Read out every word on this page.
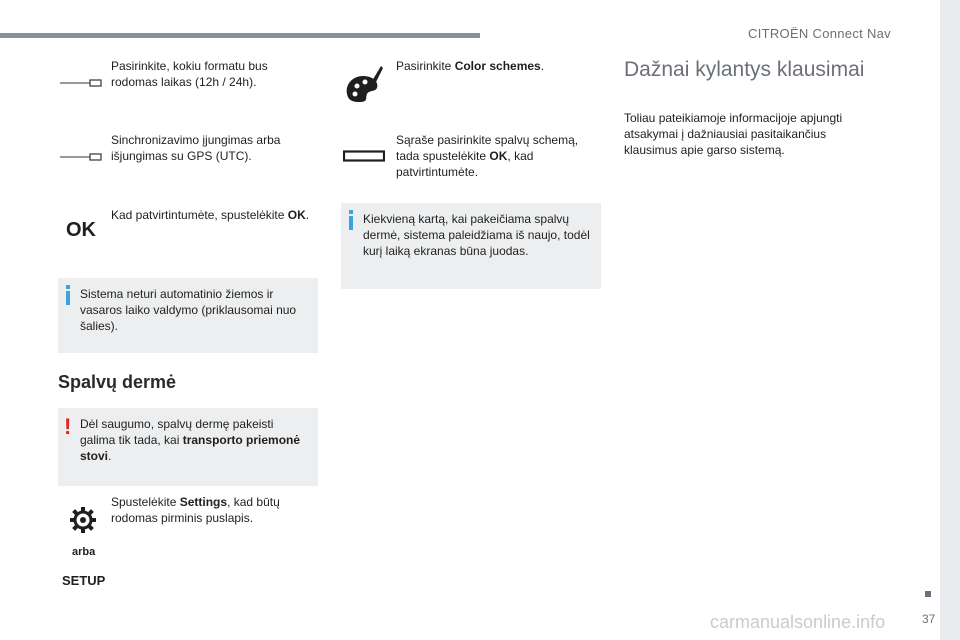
CITROËN Connect Nav
Pasirinkite, kokiu formatu bus rodomas laikas (12h / 24h).
Sinchronizavimo įjungimas arba išjungimas su GPS (UTC).
OK
Kad patvirtintumėte, spustelėkite OK.
Sistema neturi automatinio žiemos ir vasaros laiko valdymo (priklausomai nuo šalies).
Spalvų dermė
! Dėl saugumo, spalvų dermę pakeisti galima tik tada, kai transporto priemonė stovi.
Spustelėkite Settings, kad būtų rodomas pirminis puslapis.
arba
SETUP
Pasirinkite Color schemes.
Sąraše pasirinkite spalvų schemą, tada spustelėkite OK, kad patvirtintumėte.
Kiekvieną kartą, kai pakeičiama spalvų dermė, sistema paleidžiama iš naujo, todėl kurį laiką ekranas būna juodas.
Dažnai kylantys klausimai
Toliau pateikiamoje informacijoje apjungti atsakymai į dažniausiai pasitaikančius klausimus apie garso sistemą.
37
carmanualsonline.info
